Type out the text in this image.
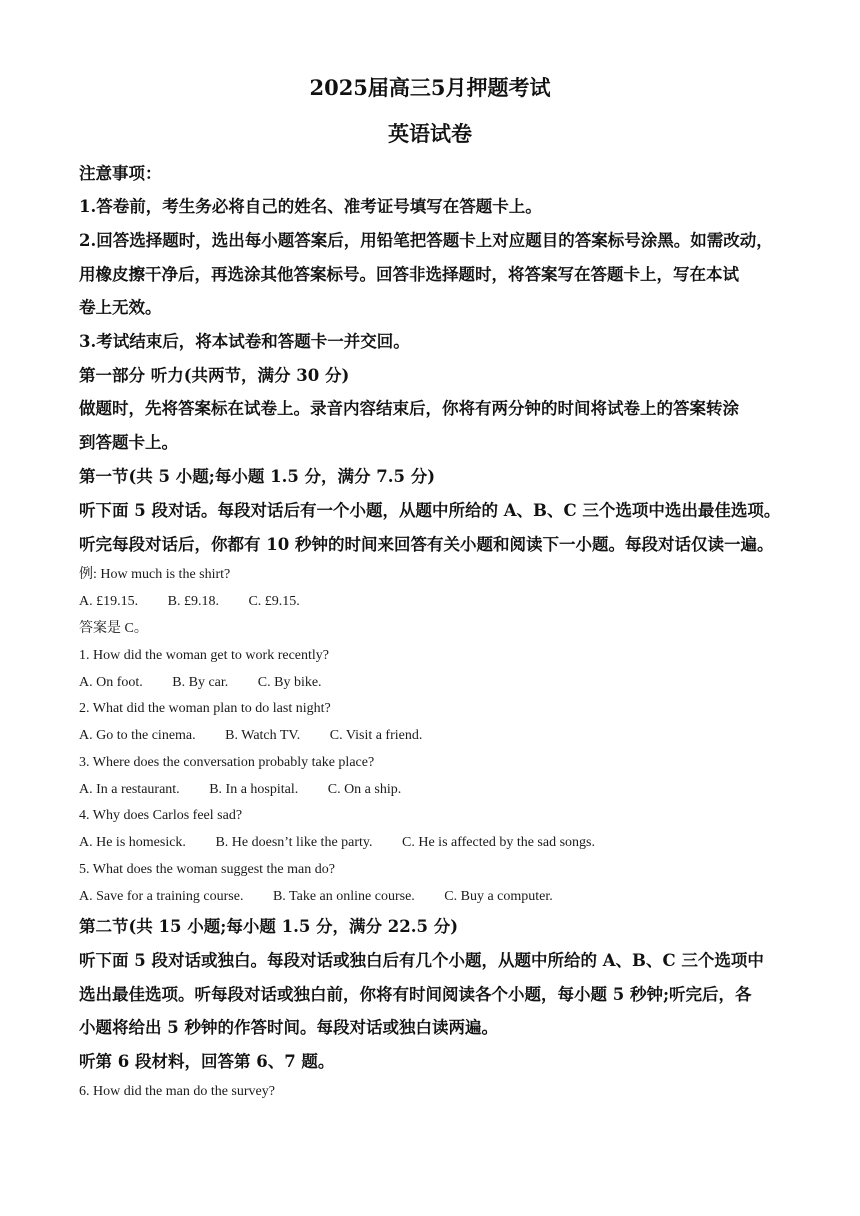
2025届高三5月押题考试
英语试卷
注意事项：
1.答卷前，考生务必将自己的姓名、准考证号填写在答题卡上。
2.回答选择题时，选出每小题答案后，用铅笔把答题卡上对应题目的答案标号涂黑。如需改动，
用橡皮擦干净后，再选涂其他答案标号。回答非选择题时，将答案写在答题卡上，写在本试
卷上无效。
3.考试结束后，将本试卷和答题卡一并交回。
第一部分 听力(共两节，满分 30 分)
做题时，先将答案标在试卷上。录音内容结束后，你将有两分钟的时间将试卷上的答案转涂
到答题卡上。
第一节(共 5 小题;每小题 1.5 分，满分 7.5 分)
听下面 5 段对话。每段对话后有一个小题，从题中所给的 A、B、C 三个选项中选出最佳选项。
听完每段对话后，你都有 10 秒钟的时间来回答有关小题和阅读下一小题。每段对话仅读一遍。
例: How much is the shirt?
A. £19.15. B. £9.18. C. £9.15.
答案是 C。
1. How did the woman get to work recently?
A. On foot. B. By car. C. By bike.
2. What did the woman plan to do last night?
A. Go to the cinema. B. Watch TV. C. Visit a friend.
3. Where does the conversation probably take place?
A. In a restaurant. B. In a hospital. C. On a ship.
4. Why does Carlos feel sad?
A. He is homesick. B. He doesn’t like the party. C. He is affected by the sad songs.
5. What does the woman suggest the man do?
A. Save for a training course. B. Take an online course. C. Buy a computer.
第二节(共 15 小题;每小题 1.5 分，满分 22.5 分)
听下面 5 段对话或独白。每段对话或独白后有几个小题，从题中所给的 A、B、C 三个选项中
选出最佳选项。听每段对话或独白前，你将有时间阅读各个小题，每小题 5 秒钟;听完后，各
小题将给出 5 秒钟的作答时间。每段对话或独白读两遍。
听第 6 段材料，回答第 6、7 题。
6. How did the man do the survey?
